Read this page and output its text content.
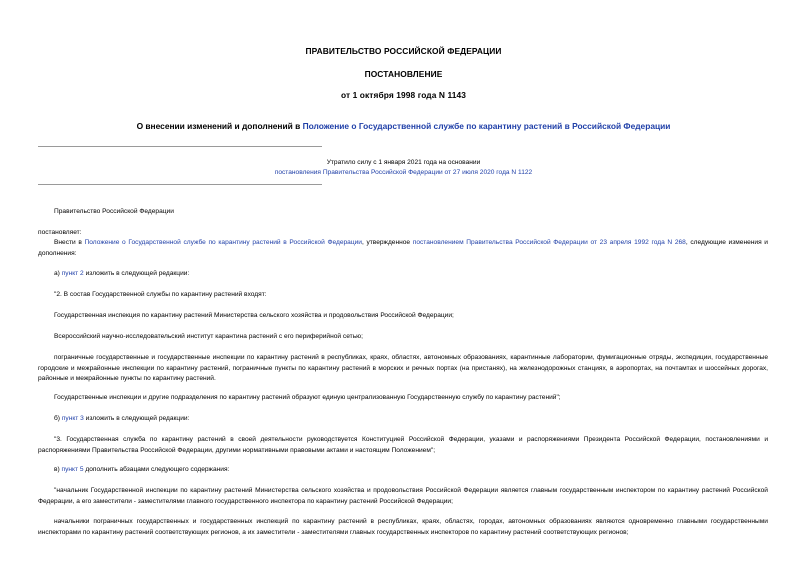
ПРАВИТЕЛЬСТВО РОССИЙСКОЙ ФЕДЕРАЦИИ
ПОСТАНОВЛЕНИЕ
от 1 октября 1998 года N 1143
О внесении изменений и дополнений в Положение о Государственной службе по карантину растений в Российской Федерации
Утратило силу с 1 января 2021 года на основании
постановления Правительства Российской Федерации от 27 июля 2020 года N 1122
Правительство Российской Федерации
постановляет:
Внести в Положение о Государственной службе по карантину растений в Российской Федерации, утвержденное постановлением Правительства Российской Федерации от 23 апреля 1992 года N 268, следующие изменения и дополнения:
а) пункт 2 изложить в следующей редакции:
"2. В состав Государственной службы по карантину растений входят:
Государственная инспекция по карантину растений Министерства сельского хозяйства и продовольствия Российской Федерации;
Всероссийский научно-исследовательский институт карантина растений с его периферийной сетью;
пограничные государственные и государственные инспекции по карантину растений в республиках, краях, областях, автономных образованиях, карантинные лаборатории, фумигационные отряды, экспедиции, государственные городские и межрайонные инспекции по карантину растений, пограничные пункты по карантину растений в морских и речных портах (на пристанях), на железнодорожных станциях, в аэропортах, на почтамтах и шоссейных дорогах, районные и межрайонные пункты по карантину растений.
Государственные инспекции и другие подразделения по карантину растений образуют единую централизованную Государственную службу по карантину растений";
б) пункт 3 изложить в следующей редакции:
"3. Государственная служба по карантину растений в своей деятельности руководствуется Конституцией Российской Федерации, указами и распоряжениями Президента Российской Федерации, постановлениями и распоряжениями Правительства Российской Федерации, другими нормативными правовыми актами и настоящим Положением";
в) пункт 5 дополнить абзацами следующего содержания:
"начальник Государственной инспекции по карантину растений Министерства сельского хозяйства и продовольствия Российской Федерации является главным государственным инспектором по карантину растений Российской Федерации, а его заместители - заместителями главного государственного инспектора по карантину растений Российской Федерации;
начальники пограничных государственных и государственных инспекций по карантину растений в республиках, краях, областях, городах, автономных образованиях являются одновременно главными государственными инспекторами по карантину растений соответствующих регионов, а их заместители - заместителями главных государственных инспекторов по карантину растений соответствующих регионов;
